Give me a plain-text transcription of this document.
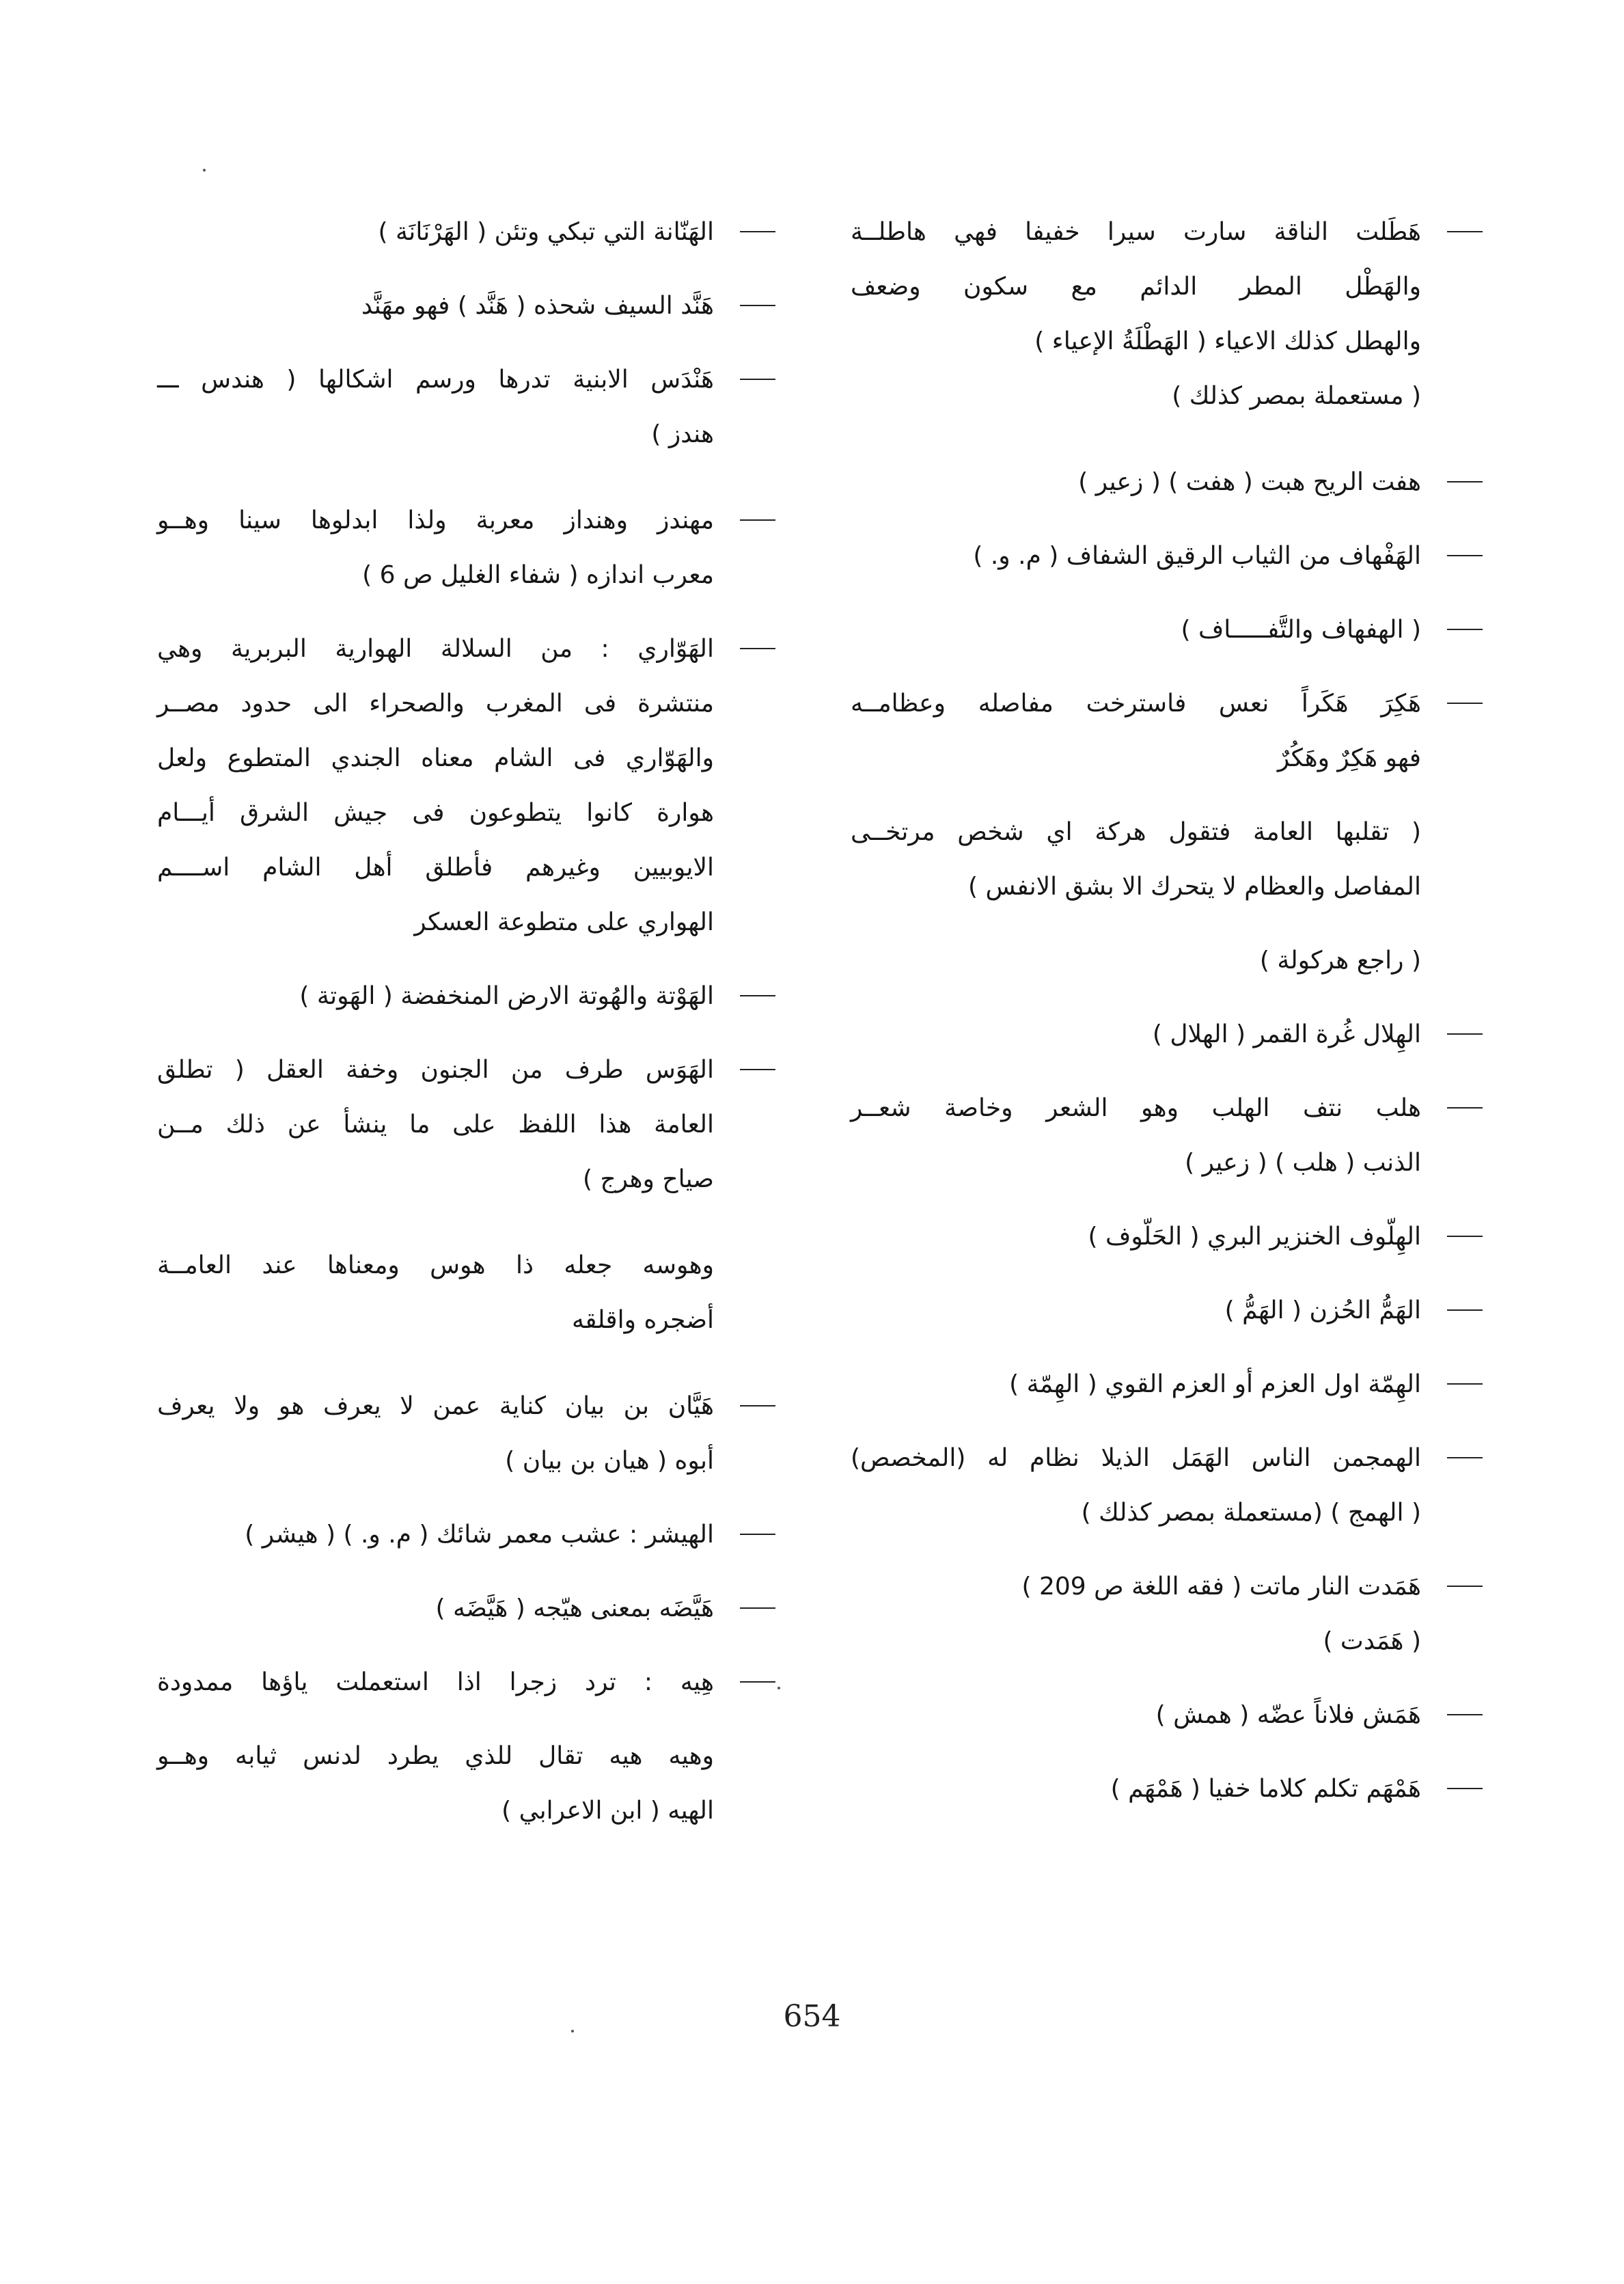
هَطَلت الناقة سارت سيرا خفيفا فهي هاطلــة
والهَطْل المطر الدائم مع سكون وضعف
والهطل كذلك الاعياء ( الهَطْلَةُ الإعياء )
( مستعملة بمصر كذلك )
هفت الريح هبت ( هفت ) ( زعير )
الهَفْهاف من الثياب الرقيق الشفاف ( م. و. )
( الهفهاف والتَّفـــــاف )
هَكِرَ هَكَراً نعس فاسترخت مفاصله وعظامــه
فهو هَكِرٌ وهَكُرٌ
( تقلبها العامة فتقول هركة اي شخص مرتخــى
المفاصل والعظام لا يتحرك الا بشق الانفس )
( راجع هركولة )
الهِلال غُرة القمر ( الهلال )
هلب نتف الهلب وهو الشعر وخاصة شعــر
الذنب ( هلب ) ( زعير )
الهِلّوف الخنزير البري ( الحَلّوف )
الهَمُّ الحُزن ( الهَمُّ )
الهِمّة اول العزم أو العزم القوي ( الهِمّة )
الهمجمن الناس الهَمَل الذيلا نظام له (المخصص)
( الهمج ) (مستعملة بمصر كذلك )
هَمَدت النار ماتت ( فقه اللغة ص 209 )
( هَمَدت )
هَمَش فلاناً عضّه ( همش )
هَمْهَم تكلم كلاما خفيا ( هَمْهَم )
الهَنّانة التي تبكي وتئن ( الهَرْنَانَة )
هَنَّد السيف شحذه ( هَنَّد ) فهو مهَنَّد
هَنْدَس الابنية تدرها ورسم اشكالها ( هندس ـــ
هندز )
مهندز وهنداز معربة ولذا ابدلوها سينا وهــو
معرب اندازه ( شفاء الغليل ص 6 )
الهَوّاري : من السلالة الهوارية البربرية وهي
منتشرة فى المغرب والصحراء الى حدود مصــر
والهَوّاري فى الشام معناه الجندي المتطوع ولعل
هوارة كانوا يتطوعون فى جيش الشرق أيـــام
الايوبيين وغيرهم فأطلق أهل الشام اســــم
الهواري على متطوعة العسكر
الهَوْتة والهُوتة الارض المنخفضة ( الهَوتة )
الهَوَس طرف من الجنون وخفة العقل ( تطلق
العامة هذا اللفظ على ما ينشأ عن ذلك مــن
صياح وهرج )
وهوسه جعله ذا هوس ومعناها عند العامــة
أضجره واقلقه
هَيَّان بن بيان كناية عمن لا يعرف هو ولا يعرف
أبوه ( هيان بن بيان )
الهيشر : عشب معمر شائك ( م. و. ) ( هيشر )
هَيَّضَه بمعنى هيّجه ( هَيَّضَه )
هِيه : ترد زجرا اذا استعملت ياؤها ممدودة
وهيه هيه تقال للذي يطرد لدنس ثيابه وهــو
الهيه ( ابن الاعرابي )
654
